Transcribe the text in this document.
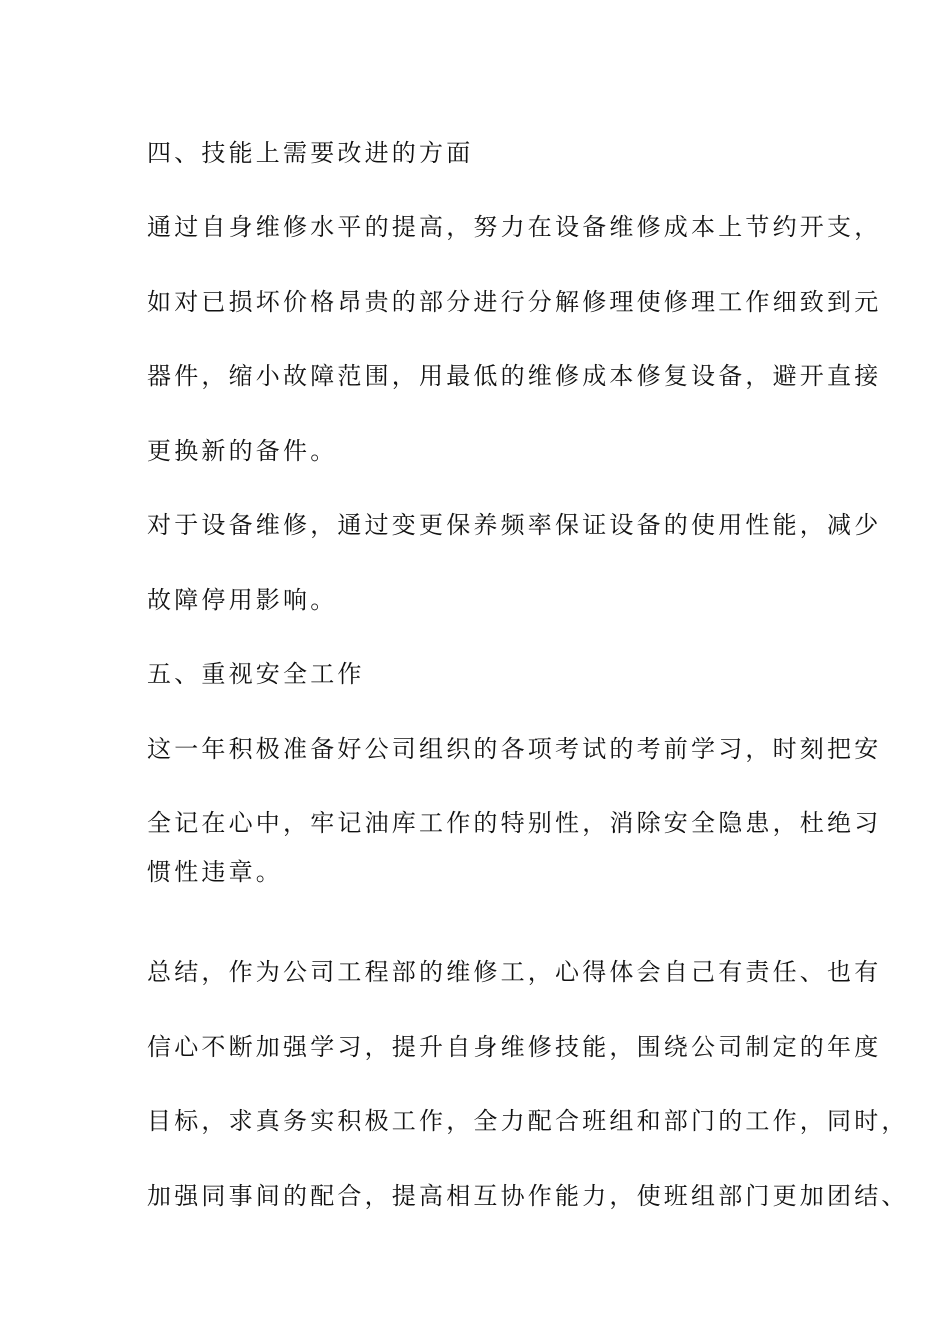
四、技能上需要改进的方面
通过自身维修水平的提高，努力在设备维修成本上节约开支，
如对已损坏价格昂贵的部分进行分解修理使修理工作细致到元
器件，缩小故障范围，用最低的维修成本修复设备，避开直接
更换新的备件。
对于设备维修，通过变更保养频率保证设备的使用性能，减少
故障停用影响。
五、重视安全工作
这一年积极准备好公司组织的各项考试的考前学习，时刻把安
全记在心中，牢记油库工作的特别性，消除安全隐患，杜绝习
惯性违章。
总结，作为公司工程部的维修工，心得体会自己有责任、也有
信心不断加强学习，提升自身维修技能，围绕公司制定的年度
目标，求真务实积极工作，全力配合班组和部门的工作，同时，
加强同事间的配合，提高相互协作能力，使班组部门更加团结、
